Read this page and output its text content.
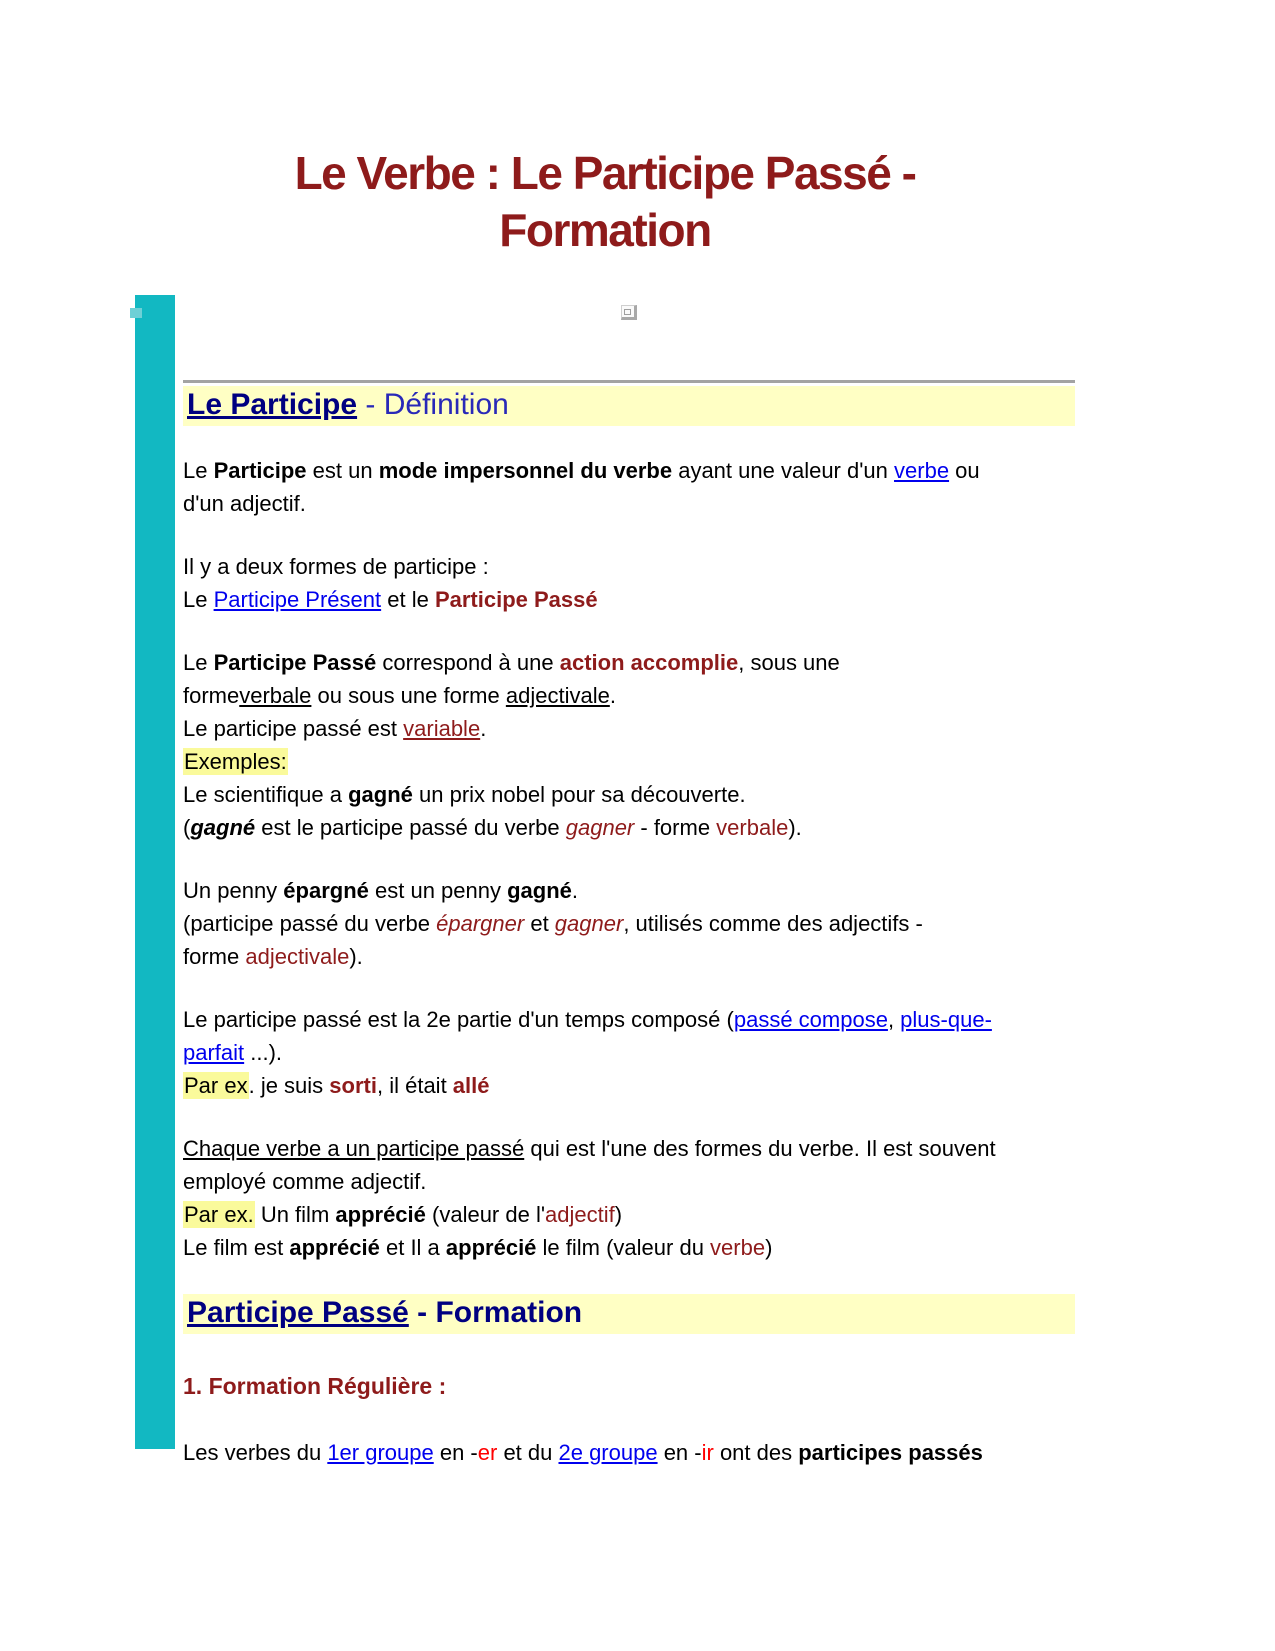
Le Verbe : Le Participe Passé -
Formation
Le Participe - Définition

Le Participe est un mode impersonnel du verbe ayant une valeur d'un verbe ou
d'un adjectif.

Il y a deux formes de participe :
Le Participe Présent et le Participe Passé

Le Participe Passé correspond à une action accomplie, sous une
formeverbale ou sous une forme adjectivale.
Le participe passé est variable.
Exemples:
Le scientifique a gagné un prix nobel pour sa découverte.
(gagné est le participe passé du verbe gagner - forme verbale).

Un penny épargné est un penny gagné.
(participe passé du verbe épargner et gagner, utilisés comme des adjectifs -
forme adjectivale).

Le participe passé est la 2e partie d'un temps composé (passé compose, plus-que-
parfait ...).
Par ex. je suis sorti, il était allé

Chaque verbe a un participe passé qui est l'une des formes du verbe. Il est souvent
employé comme adjectif.
Par ex. Un film apprécié (valeur de l'adjectif)
Le film est apprécié et Il a apprécié le film (valeur du verbe)

Participe Passé - Formation
1. Formation Régulière :

Les verbes du 1er groupe en -er et du 2e groupe en -ir ont des participes passés
